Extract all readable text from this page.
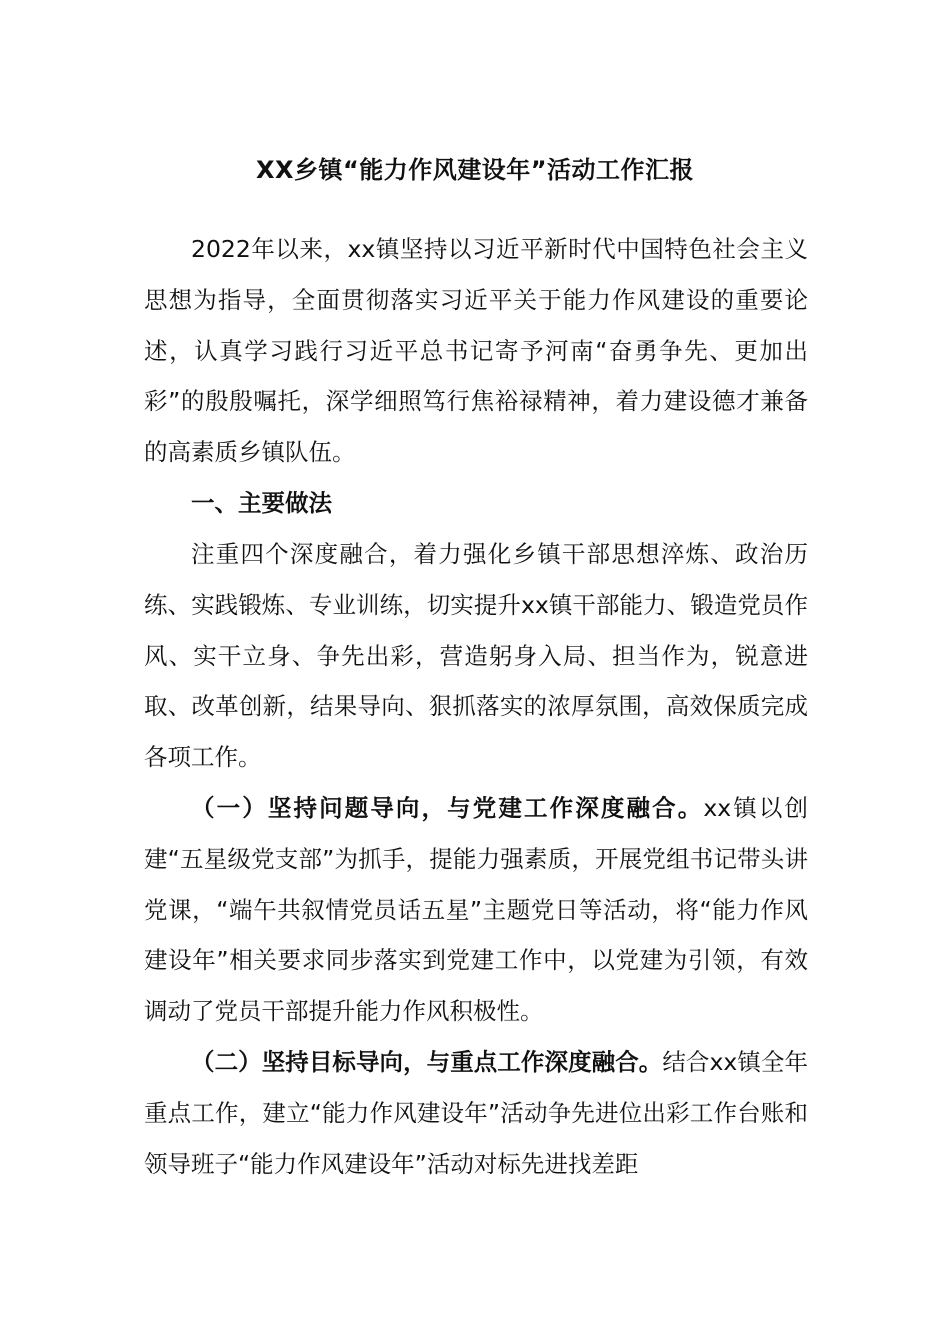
XX乡镇“能力作风建设年”活动工作汇报

2022年以来，xx镇坚持以习近平新时代中国特色社会主义思想为指导，全面贯彻落实习近平关于能力作风建设的重要论述，认真学习践行习近平总书记寄予河南“奋勇争先、更加出彩”的殷殷嘱托，深学细照笃行焦裕禄精神，着力建设德才兼备的高素质乡镇队伍。

一、主要做法

注重四个深度融合，着力强化乡镇干部思想淬炼、政治历练、实践锻炼、专业训练，切实提升xx镇干部能力、锻造党员作风、实干立身、争先出彩，营造躬身入局、担当作为，锐意进取、改革创新，结果导向、狠抓落实的浓厚氛围，高效保质完成各项工作。

（一）坚持问题导向，与党建工作深度融合。xx镇以创建“五星级党支部”为抓手，提能力强素质，开展党组书记带头讲党课，“端午共叙情党员话五星”主题党日等活动，将“能力作风建设年”相关要求同步落实到党建工作中，以党建为引领，有效调动了党员干部提升能力作风积极性。

（二）坚持目标导向，与重点工作深度融合。结合xx镇全年重点工作，建立“能力作风建设年”活动争先进位出彩工作台账和领导班子“能力作风建设年”活动对标先进找差距
